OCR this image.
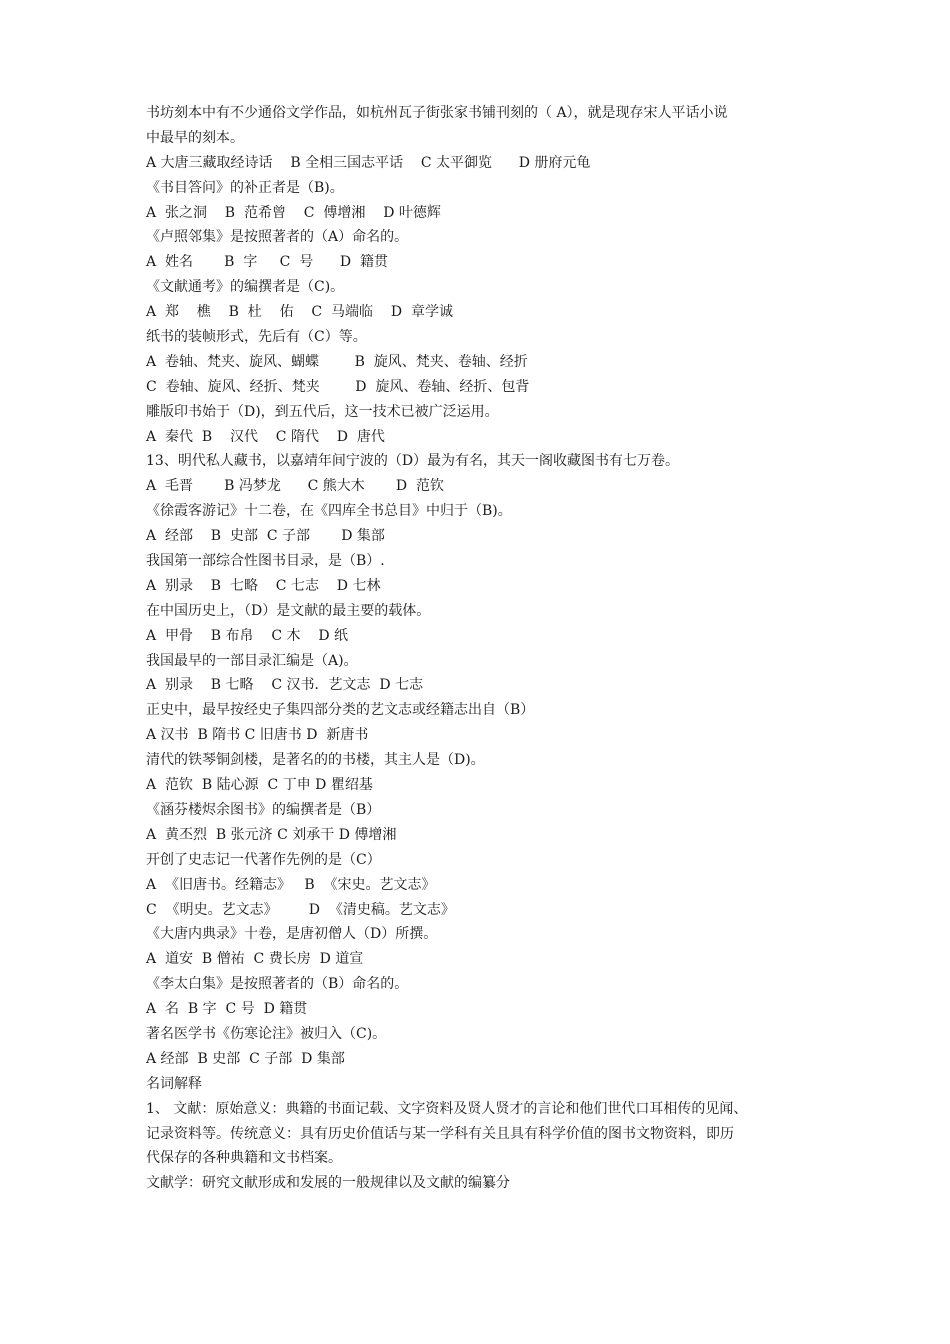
书坊刻本中有不少通俗文学作品，如杭州瓦子街张家书铺刊刻的（ A），就是现存宋人平话小说
中最早的刻本。
A 大唐三藏取经诗话    B 全相三国志平话    C 太平御览      D 册府元龟
《书目答问》的补正者是（B)。
A  张之洞    B  范希曾    C  傅增湘    D 叶德辉
《卢照邻集》是按照著者的（A）命名的。
A  姓名       B  字     C  号      D  籍贯
《文献通考》的编撰者是（C)。
A  郑    樵    B  杜    佑    C  马端临    D  章学诚
纸书的装帧形式，先后有（C）等。
A  卷轴、梵夹、旋风、蝴蝶        B  旋风、梵夹、卷轴、经折
C  卷轴、旋风、经折、梵夹        D  旋风、卷轴、经折、包背
雕版印书始于（D)，到五代后，这一技术已被广泛运用。
A  秦代  B    汉代    C 隋代    D  唐代
13、明代私人藏书，以嘉靖年间宁波的（D）最为有名，其天一阁收藏图书有七万卷。
A  毛晋       B 冯梦龙      C 熊大木       D  范钦
《徐霞客游记》十二卷，在《四库全书总目》中归于（B)。
A  经部    B  史部  C 子部       D 集部
我国第一部综合性图书目录，是（B）.
A  别录    B  七略    C 七志    D 七林
在中国历史上，（D）是文献的最主要的载体。
A  甲骨    B 布帛    C 木    D 纸
我国最早的一部目录汇编是（A)。
A  别录    B 七略    C 汉书．艺文志  D 七志
正史中，最早按经史子集四部分类的艺文志或经籍志出自（B）
A 汉书  B 隋书 C 旧唐书 D  新唐书
清代的铁琴铜剑楼，是著名的的书楼，其主人是（D)。
A  范钦  B 陆心源  C 丁申 D 瞿绍基
《涵芬楼烬余图书》的编撰者是（B）
A  黄丕烈  B 张元济 C 刘承干 D 傅增湘
开创了史志记一代著作先例的是（C）
A  《旧唐书。经籍志》   B  《宋史。艺文志》
C  《明史。艺文志》       D  《清史稿。艺文志》
《大唐内典录》十卷，是唐初僧人（D）所撰。
A  道安  B 僧祐  C 费长房  D 道宣
《李太白集》是按照著者的（B）命名的。
A  名  B 字  C 号  D 籍贯
著名医学书《伤寒论注》被归入（C)。
A 经部  B 史部  C 子部  D 集部
名词解释
1、 文献：原始意义：典籍的书面记载、文字资料及贤人贤才的言论和他们世代口耳相传的见闻、
记录资料等。传统意义：具有历史价值话与某一学科有关且具有科学价值的图书文物资料，即历
代保存的各种典籍和文书档案。
文献学：研究文献形成和发展的一般规律以及文献的编纂分
